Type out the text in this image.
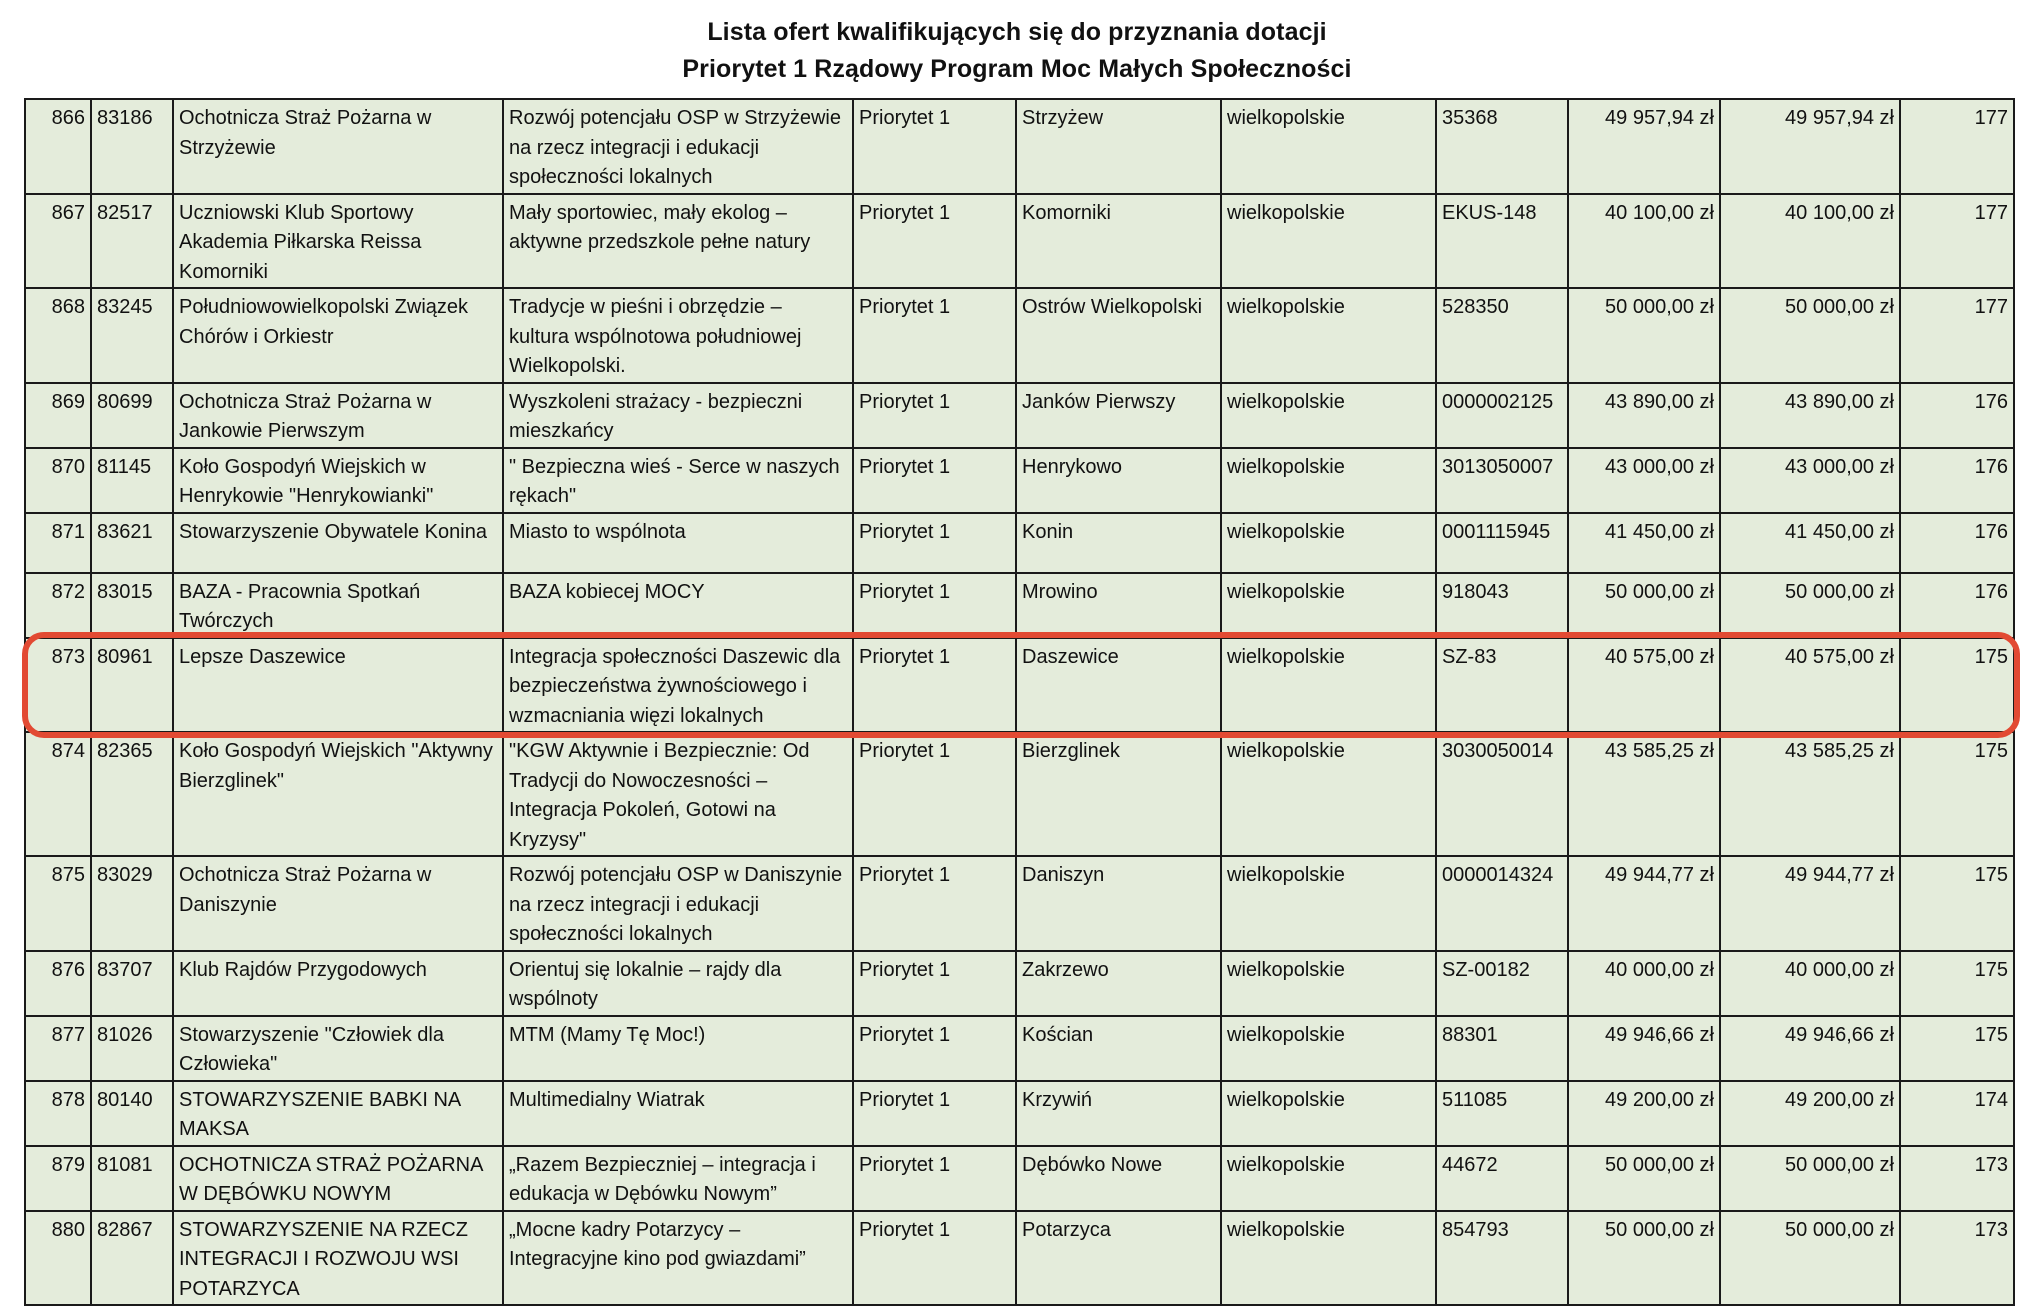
Lista ofert kwalifikujących się do przyznania dotacji
Priorytet 1 Rządowy Program Moc Małych Społeczności
866	83186	Ochotnicza Straż Pożarna w Strzyżewie	Rozwój potencjału OSP w Strzyżewie na rzecz integracji i edukacji społeczności lokalnych	Priorytet 1	Strzyżew	wielkopolskie	35368	49 957,94 zł	49 957,94 zł	177
867	82517	Uczniowski Klub Sportowy Akademia Piłkarska Reissa Komorniki	Mały sportowiec, mały ekolog – aktywne przedszkole pełne natury	Priorytet 1	Komorniki	wielkopolskie	EKUS-148	40 100,00 zł	40 100,00 zł	177
868	83245	Południowowielkopolski Związek Chórów i Orkiestr	Tradycje w pieśni i obrzędzie – kultura wspólnotowa południowej Wielkopolski.	Priorytet 1	Ostrów Wielkopolski	wielkopolskie	528350	50 000,00 zł	50 000,00 zł	177
869	80699	Ochotnicza Straż Pożarna w Jankowie Pierwszym	Wyszkoleni strażacy - bezpieczni mieszkańcy	Priorytet 1	Janków Pierwszy	wielkopolskie	0000002125	43 890,00 zł	43 890,00 zł	176
870	81145	Koło Gospodyń Wiejskich w Henrykowie "Henrykowianki"	" Bezpieczna wieś - Serce w naszych rękach"	Priorytet 1	Henrykowo	wielkopolskie	3013050007	43 000,00 zł	43 000,00 zł	176
871	83621	Stowarzyszenie Obywatele Konina	Miasto to wspólnota	Priorytet 1	Konin	wielkopolskie	0001115945	41 450,00 zł	41 450,00 zł	176
872	83015	BAZA - Pracownia Spotkań Twórczych	BAZA kobiecej MOCY	Priorytet 1	Mrowino	wielkopolskie	918043	50 000,00 zł	50 000,00 zł	176
873	80961	Lepsze Daszewice	Integracja społeczności Daszewic dla bezpieczeństwa żywnościowego i wzmacniania więzi lokalnych	Priorytet 1	Daszewice	wielkopolskie	SZ-83	40 575,00 zł	40 575,00 zł	175
874	82365	Koło Gospodyń Wiejskich "Aktywny Bierzglinek"	"KGW Aktywnie i Bezpiecznie: Od Tradycji do Nowoczesności – Integracja Pokoleń, Gotowi na Kryzysy"	Priorytet 1	Bierzglinek	wielkopolskie	3030050014	43 585,25 zł	43 585,25 zł	175
875	83029	Ochotnicza Straż Pożarna w Daniszynie	Rozwój potencjału OSP w Daniszynie na rzecz integracji i edukacji społeczności lokalnych	Priorytet 1	Daniszyn	wielkopolskie	0000014324	49 944,77 zł	49 944,77 zł	175
876	83707	Klub Rajdów Przygodowych	Orientuj się lokalnie – rajdy dla wspólnoty	Priorytet 1	Zakrzewo	wielkopolskie	SZ-00182	40 000,00 zł	40 000,00 zł	175
877	81026	Stowarzyszenie "Człowiek dla Człowieka"	MTM (Mamy Tę Moc!)	Priorytet 1	Kościan	wielkopolskie	88301	49 946,66 zł	49 946,66 zł	175
878	80140	STOWARZYSZENIE BABKI NA MAKSA	Multimedialny Wiatrak	Priorytet 1	Krzywiń	wielkopolskie	511085	49 200,00 zł	49 200,00 zł	174
879	81081	OCHOTNICZA STRAŻ POŻARNA W DĘBÓWKU NOWYM	„Razem Bezpieczniej – integracja i edukacja w Dębówku Nowym”	Priorytet 1	Dębówko Nowe	wielkopolskie	44672	50 000,00 zł	50 000,00 zł	173
880	82867	STOWARZYSZENIE NA RZECZ INTEGRACJI I ROZWOJU WSI POTARZYCA	„Mocne kadry Potarzycy – Integracyjne kino pod gwiazdami”	Priorytet 1	Potarzyca	wielkopolskie	854793	50 000,00 zł	50 000,00 zł	173
